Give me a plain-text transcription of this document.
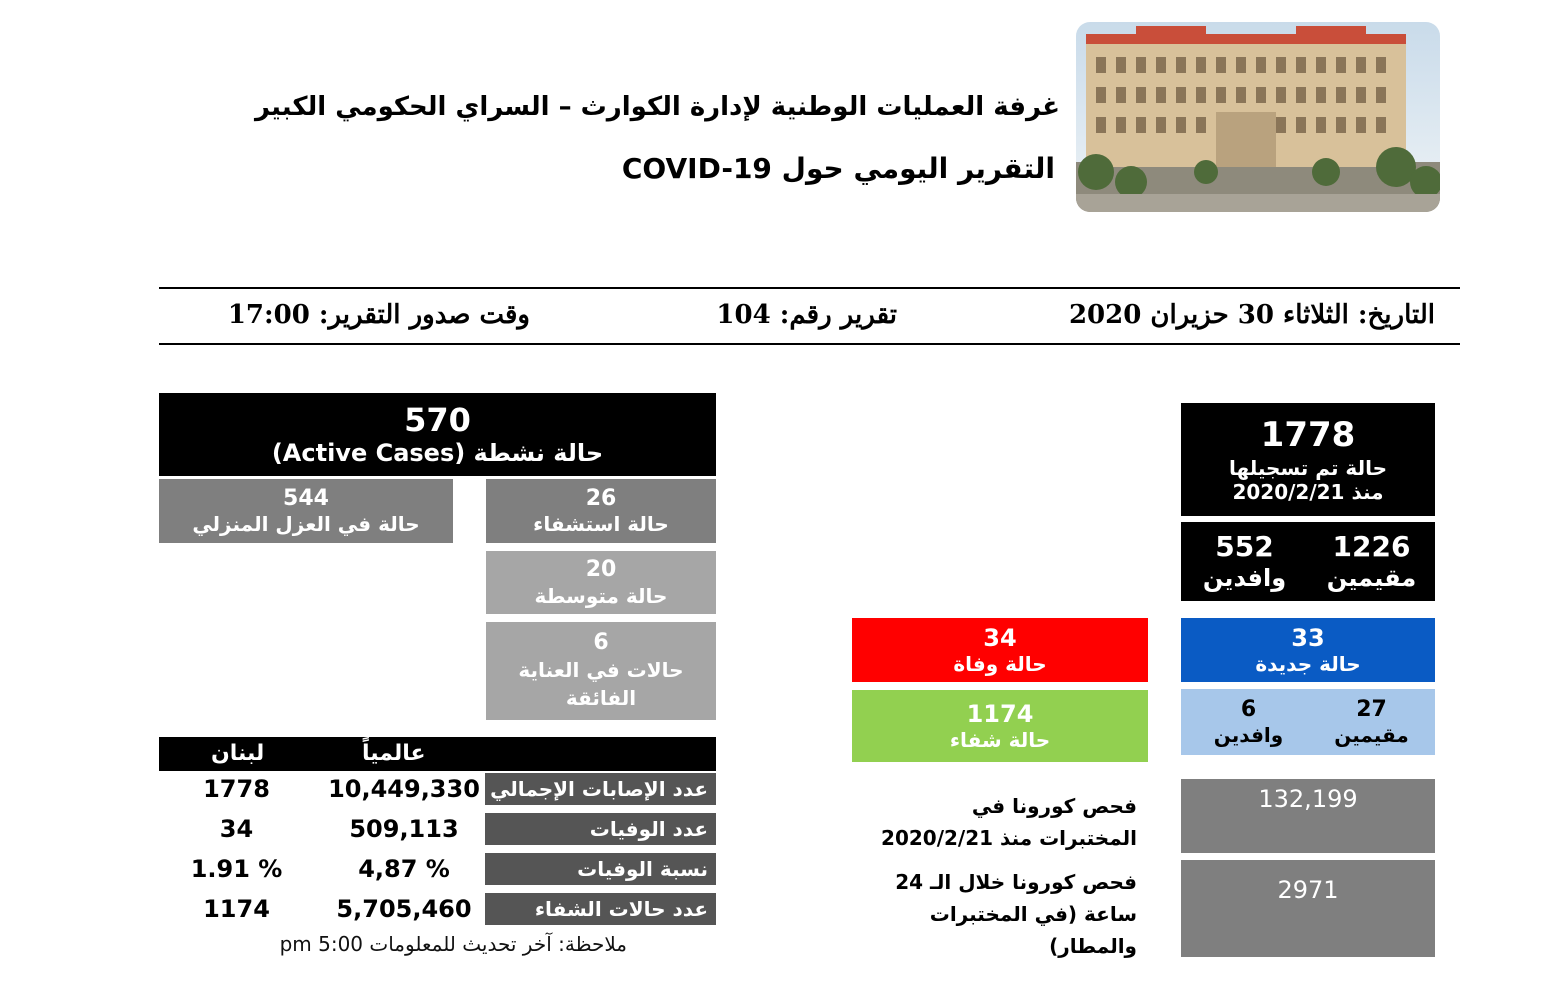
غرفة العمليات الوطنية لإدارة الكوارث – السراي الحكومي الكبير
التقرير اليومي حول COVID-19
التاريخ: الثلاثاء 30 حزيران 2020
تقرير رقم: 104
وقت صدور التقرير: 17:00
570
حالة نشطة (Active Cases)
544
حالة في العزل المنزلي
26
حالة استشفاء
20
حالة متوسطة
6
حالات في العناية الفائقة
1778
حالة تم تسجيلها
منذ 2020/2/21
1226
مقيمين
552
وافدين
33
حالة جديدة
27
مقيمين
6
وافدين
34
حالة وفاة
1174
حالة شفاء
فحص كورونا في المختبرات منذ 2020/2/21
132,199
فحص كورونا خلال الـ 24 ساعة (في المختبرات والمطار)
2971
عالمياً
لبنان
عدد الإصابات الإجمالي
10,449,330
1778
عدد الوفيات
509,113
34
نسبة الوفيات
4,87 %
1.91 %
عدد حالات الشفاء
5,705,460
1174
ملاحظة: آخر تحديث للمعلومات 5:00 pm
